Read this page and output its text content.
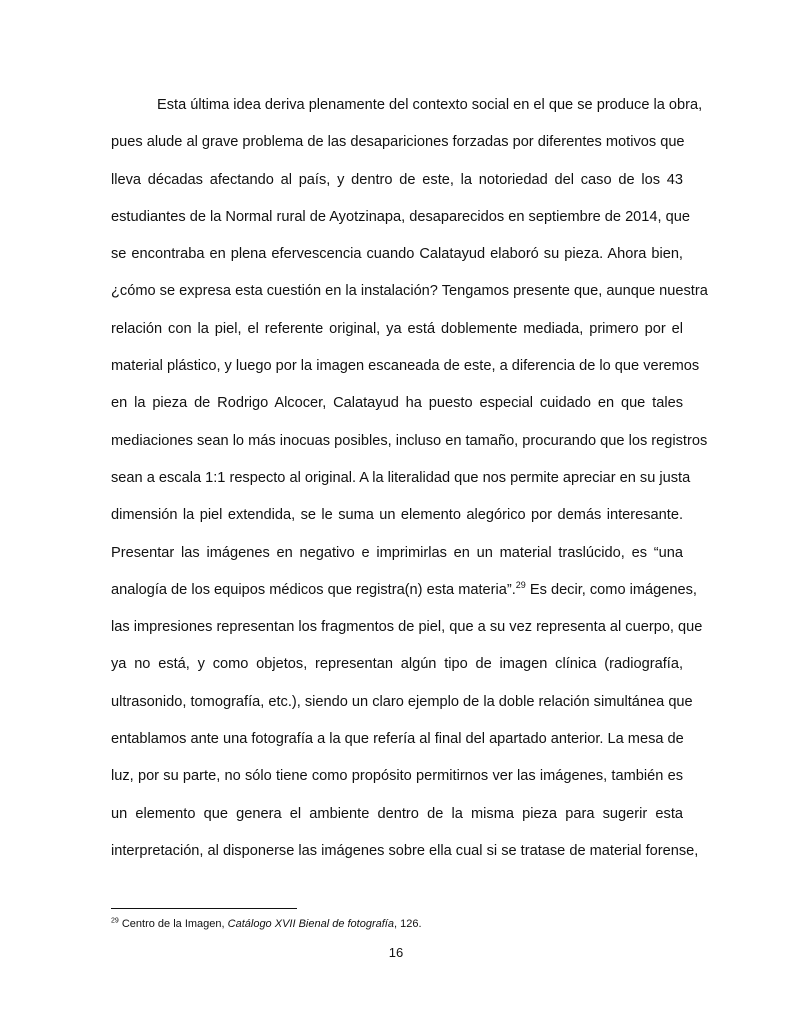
Esta última idea deriva plenamente del contexto social en el que se produce la obra,
pues alude al grave problema de las desapariciones forzadas por diferentes motivos que
lleva décadas afectando al país, y dentro de este, la notoriedad del caso de los 43
estudiantes de la Normal rural de Ayotzinapa, desaparecidos en septiembre de 2014, que
se encontraba en plena efervescencia cuando Calatayud elaboró su pieza. Ahora bien,
¿cómo se expresa esta cuestión en la instalación? Tengamos presente que, aunque nuestra
relación con la piel, el referente original, ya está doblemente mediada, primero por el
material plástico, y luego por la imagen escaneada de este, a diferencia de lo que veremos
en la pieza de Rodrigo Alcocer, Calatayud ha puesto especial cuidado en que tales
mediaciones sean lo más inocuas posibles, incluso en tamaño, procurando que los registros
sean a escala 1:1 respecto al original. A la literalidad que nos permite apreciar en su justa
dimensión la piel extendida, se le suma un elemento alegórico por demás interesante.
Presentar las imágenes en negativo e imprimirlas en un material traslúcido, es “una
analogía de los equipos médicos que registra(n) esta materia”.$^{29}$ Es decir, como imágenes,
las impresiones representan los fragmentos de piel, que a su vez representa al cuerpo, que
ya no está, y como objetos, representan algún tipo de imagen clínica (radiografía,
ultrasonido, tomografía, etc.), siendo un claro ejemplo de la doble relación simultánea que
entablamos ante una fotografía a la que refería al final del apartado anterior. La mesa de
luz, por su parte, no sólo tiene como propósito permitirnos ver las imágenes, también es
un elemento que genera el ambiente dentro de la misma pieza para sugerir esta
interpretación, al disponerse las imágenes sobre ella cual si se tratase de material forense,
$^{29}$ Centro de la Imagen, Catálogo XVII Bienal de fotografía, 126.
16
